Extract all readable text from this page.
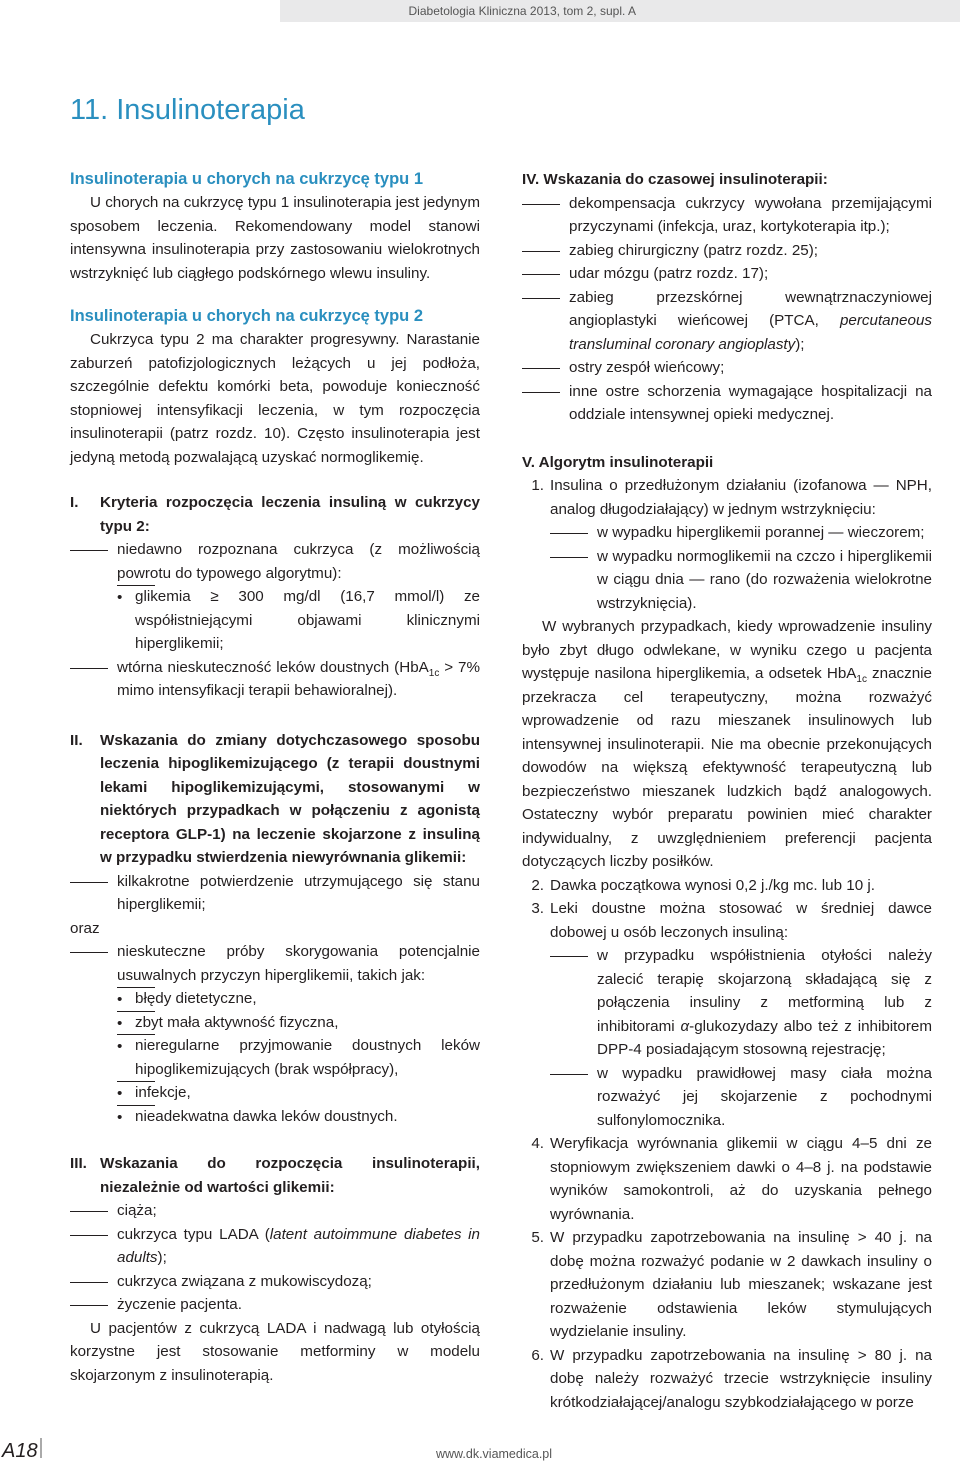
Diabetologia Kliniczna 2013, tom 2, supl. A
11. Insulinoterapia
Insulinoterapia u chorych na cukrzycę typu 1

U chorych na cukrzycę typu 1 insulinoterapia jest jedynym sposobem leczenia. Rekomendowany model stanowi intensywna insulinoterapia przy zastosowaniu wielokrotnych wstrzyknięć lub ciągłego podskórnego wlewu insuliny.

Insulinoterapia u chorych na cukrzycę typu 2

Cukrzyca typu 2 ma charakter progresywny. Narastanie zaburzeń patofizjologicznych leżących u jej podłoża, szczególnie defektu komórki beta, powoduje konieczność stopniowej intensyfikacji leczenia, w tym rozpoczęcia insulinoterapii (patrz rozdz. 10). Często insulinoterapia jest jedyną metodą pozwalającą uzyskać normoglikemię.

I.	Kryteria rozpoczęcia leczenia insuliną w cukrzycy typu 2:
niedawno rozpoznana cukrzyca (z możliwością powrotu do typowego algorytmu):
• glikemia ≥ 300 mg/dl (16,7 mmol/l) ze współistniejącymi objawami klinicznymi hiperglikemii;
wtórna nieskuteczność leków doustnych (HbA$_{1c}$ > 7% mimo intensyfikacji terapii behawioralnej).
II.	Wskazania do zmiany dotychczasowego sposobu leczenia hipoglikemizującego (z terapii doustnymi lekami hipoglikemizującymi, stosowanymi w niektórych przypadkach w połączeniu z agonistą receptora GLP-1) na leczenie skojarzone z insuliną w przypadku stwierdzenia niewyrównania glikemii:
kilkakrotne potwierdzenie utrzymującego się stanu hiperglikemii;

oraz

nieskuteczne próby skorygowania potencjalnie usuwalnych przyczyn hiperglikemii, takich jak:
• błędy dietetyczne,
• zbyt mała aktywność fizyczna,
• nieregularne przyjmowanie doustnych leków hipoglikemizujących (brak współpracy),
• infekcje,
• nieadekwatna dawka leków doustnych.
III. Wskazania do rozpoczęcia insulinoterapii, niezależnie od wartości glikemii:
ciąża;
cukrzyca typu LADA (latent autoimmune diabetes in adults);
cukrzyca związana z mukowiscydozą;
życzenie pacjenta.

U pacjentów z cukrzycą LADA i nadwagą lub otyłością korzystne jest stosowanie metforminy w modelu skojarzonym z insulinoterapią.

IV. Wskazania do czasowej insulinoterapii:

dekompensacja cukrzycy wywołana przemijającymi przyczynami (infekcja, uraz, kortykoterapia itp.);
zabieg chirurgiczny (patrz rozdz. 25);
udar mózgu (patrz rozdz. 17);
zabieg przezskórnej wewnątrznaczyniowej angioplastyki wieńcowej (PTCA, percutaneous transluminal coronary angioplasty);
ostry zespół wieńcowy;
inne ostre schorzenia wymagające hospitalizacji na oddziale intensywnej opieki medycznej.

V. Algorytm insulinoterapii

1. Insulina o przedłużonym działaniu (izofanowa — NPH, analog długodziałający) w jednym wstrzyknięciu:
w wypadku hiperglikemii porannej — wieczorem;
w wypadku normoglikemii na czczo i hiperglikemii w ciągu dnia — rano (do rozważenia wielokrotne wstrzyknięcia).

W wybranych przypadkach, kiedy wprowadzenie insuliny było zbyt długo odwlekane, w wyniku czego u pacjenta występuje nasilona hiperglikemia, a odsetek HbA$_{1c}$ znacznie przekracza cel terapeutyczny, można rozważyć wprowadzenie od razu mieszanek insulinowych lub intensywnej insulinoterapii. Nie ma obecnie przekonujących dowodów na większą efektywność terapeutyczną lub bezpieczeństwo mieszanek ludzkich bądź analogowych. Ostateczny wybór preparatu powinien mieć charakter indywidualny, z uwzględnieniem preferencji pacjenta dotyczących liczby posiłków.

2. Dawka początkowa wynosi 0,2 j./kg mc. lub 10 j.
3. Leki doustne można stosować w średniej dawce dobowej u osób leczonych insuliną:
w przypadku współistnienia otyłości należy zalecić terapię skojarzoną składającą się z połączenia insuliny z metforminą lub z inhibitorami α-glukozydazy albo też z inhibitorem DPP-4 posiadającym stosowną rejestrację;
w wypadku prawidłowej masy ciała można rozważyć jej skojarzenie z pochodnymi sulfonylomocznika.
4. Weryfikacja wyrównania glikemii w ciągu 4–5 dni ze stopniowym zwiększeniem dawki o 4–8 j. na podstawie wyników samokontroli, aż do uzyskania pełnego wyrównania.
5. W przypadku zapotrzebowania na insulinę > 40 j. na dobę można rozważyć podanie w 2 dawkach insuliny o przedłużonym działaniu lub mieszanek; wskazane jest rozważenie odstawienia leków stymulujących wydzielanie insuliny.
6. W przypadku zapotrzebowania na insulinę > 80 j. na dobę należy rozważyć trzecie wstrzyknięcie insuliny krótkodziałającej/analogu szybkodziałającego w porze
A18	www.dk.viamedica.pl
